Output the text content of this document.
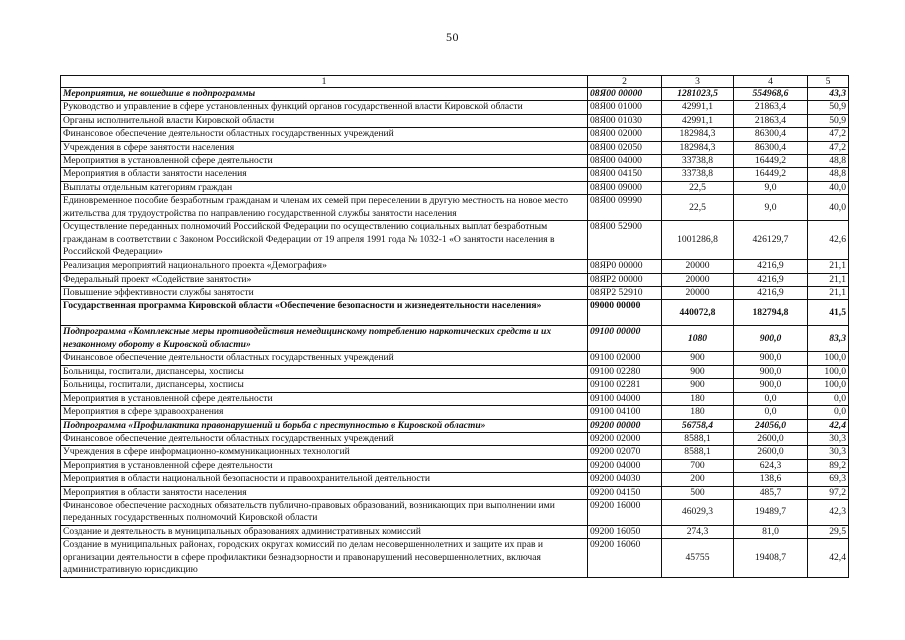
50
1	2	3	4	5
Мероприятия, не вошедшие в подпрограммы	08Я00 00000	1281023,5	554968,6	43,3
Руководство и управление в сфере установленных функций органов государственной власти Кировской области	08Я00 01000	42991,1	21863,4	50,9
Органы исполнительной власти Кировской области	08Я00 01030	42991,1	21863,4	50,9
Финансовое обеспечение деятельности областных государственных учреждений	08Я00 02000	182984,3	86300,4	47,2
Учреждения в сфере занятости населения	08Я00 02050	182984,3	86300,4	47,2
Мероприятия в установленной сфере деятельности	08Я00 04000	33738,8	16449,2	48,8
Мероприятия в области занятости населения	08Я00 04150	33738,8	16449,2	48,8
Выплаты отдельным категориям граждан	08Я00 09000	22,5	9,0	40,0
Единовременное пособие безработным гражданам и членам их семей при переселении в другую местность на новое место жительства для трудоустройства по направлению государственной службы занятости населения	08Я00 09990	22,5	9,0	40,0
Осуществление переданных полномочий Российской Федерации по осуществлению социальных выплат безработным гражданам в соответствии с Законом Российской Федерации от 19 апреля 1991 года № 1032-1 «О занятости населения в Российской Федерации»	08Я00 52900	1001286,8	426129,7	42,6
Реализация мероприятий национального проекта «Демография»	08ЯP0 00000	20000	4216,9	21,1
Федеральный проект «Содействие занятости»	08ЯP2 00000	20000	4216,9	21,1
Повышение эффективности службы занятости	08ЯP2 52910	20000	4216,9	21,1
Государственная программа Кировской области «Обеспечение безопасности и жизнедеятельности населения»	09000 00000	440072,8	182794,8	41,5
Подпрограмма «Комплексные меры противодействия немедицинскому потреблению наркотических средств и их незаконному обороту в Кировской области»	09100 00000	1080	900,0	83,3
Финансовое обеспечение деятельности областных государственных учреждений	09100 02000	900	900,0	100,0
Больницы, госпитали, диспансеры, хосписы	09100 02280	900	900,0	100,0
Больницы, госпитали, диспансеры, хосписы	09100 02281	900	900,0	100,0
Мероприятия в установленной сфере деятельности	09100 04000	180	0,0	0,0
Мероприятия в сфере здравоохранения	09100 04100	180	0,0	0,0
Подпрограмма «Профилактика правонарушений и борьба с преступностью в Кировской области»	09200 00000	56758,4	24056,0	42,4
Финансовое обеспечение деятельности областных государственных учреждений	09200 02000	8588,1	2600,0	30,3
Учреждения в сфере информационно-коммуникационных технологий	09200 02070	8588,1	2600,0	30,3
Мероприятия в установленной сфере деятельности	09200 04000	700	624,3	89,2
Мероприятия в области национальной безопасности и правоохранительной деятельности	09200 04030	200	138,6	69,3
Мероприятия в области занятости населения	09200 04150	500	485,7	97,2
Финансовое обеспечение расходных обязательств публично-правовых образований, возникающих при выполнении ими переданных государственных полномочий Кировской области	09200 16000	46029,3	19489,7	42,3
Создание и деятельность в муниципальных образованиях административных комиссий	09200 16050	274,3	81,0	29,5
Создание в муниципальных районах, городских округах комиссий по делам несовершеннолетних и защите их прав и организации деятельности в сфере профилактики безнадзорности и правонарушений несовершеннолетних, включая административную юрисдикцию	09200 16060	45755	19408,7	42,4
